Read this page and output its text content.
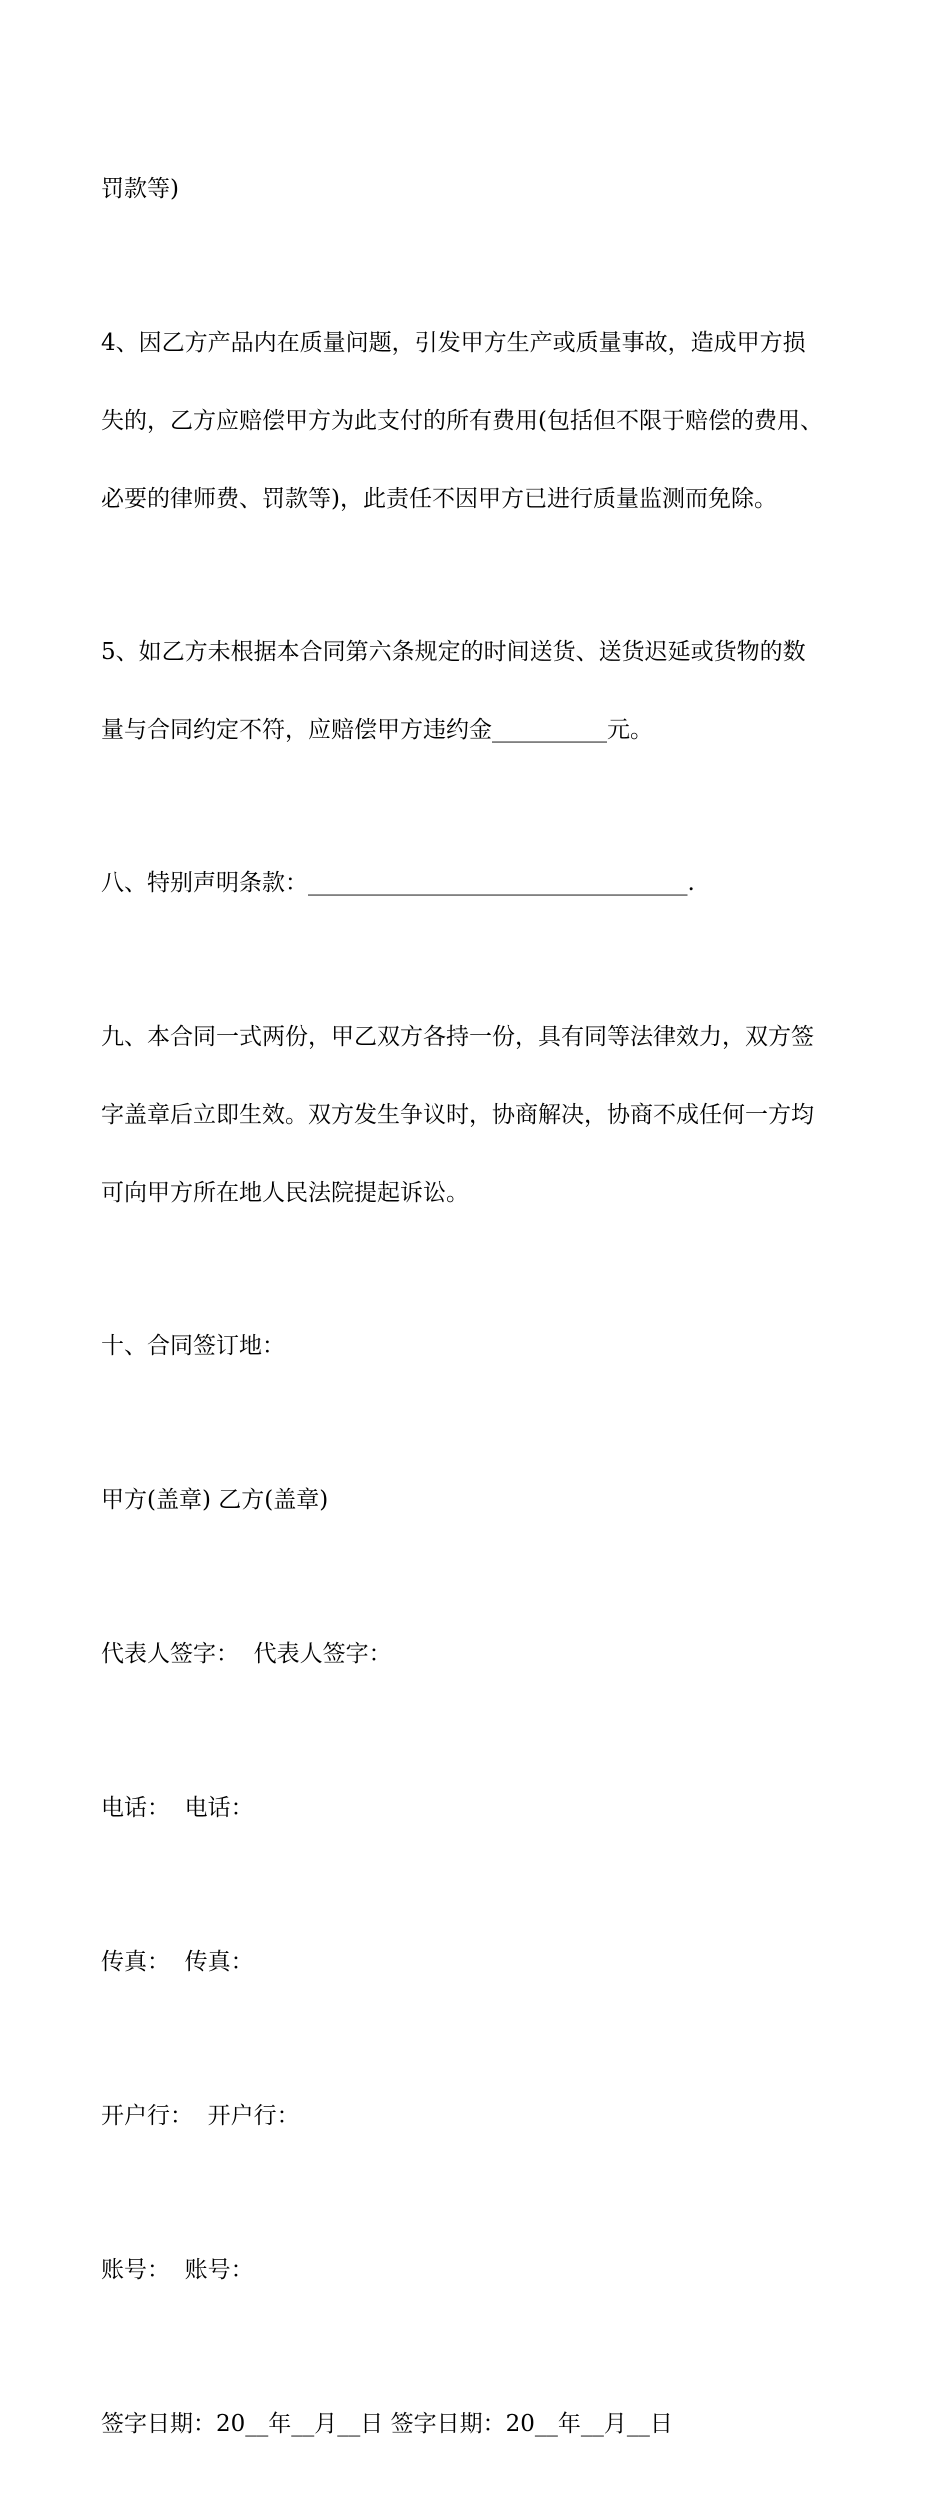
罚款等)

4、因乙方产品内在质量问题，引发甲方生产或质量事故，造成甲方损

失的，乙方应赔偿甲方为此支付的所有费用(包括但不限于赔偿的费用、

必要的律师费、罚款等)，此责任不因甲方已进行质量监测而免除。

5、如乙方未根据本合同第六条规定的时间送货、送货迟延或货物的数

量与合同约定不符，应赔偿甲方违约金__________元。

八、特别声明条款：_________________________________.

九、本合同一式两份，甲乙双方各持一份，具有同等法律效力，双方签

字盖章后立即生效。双方发生争议时，协商解决，协商不成任何一方均

可向甲方所在地人民法院提起诉讼。

十、合同签订地：

甲方(盖章) 乙方(盖章)

代表人签字：  代表人签字：

电话：  电话：

传真：  传真：

开户行：  开户行：

账号：  账号：

签字日期：20__年__月__日 签字日期：20__年__月__日
